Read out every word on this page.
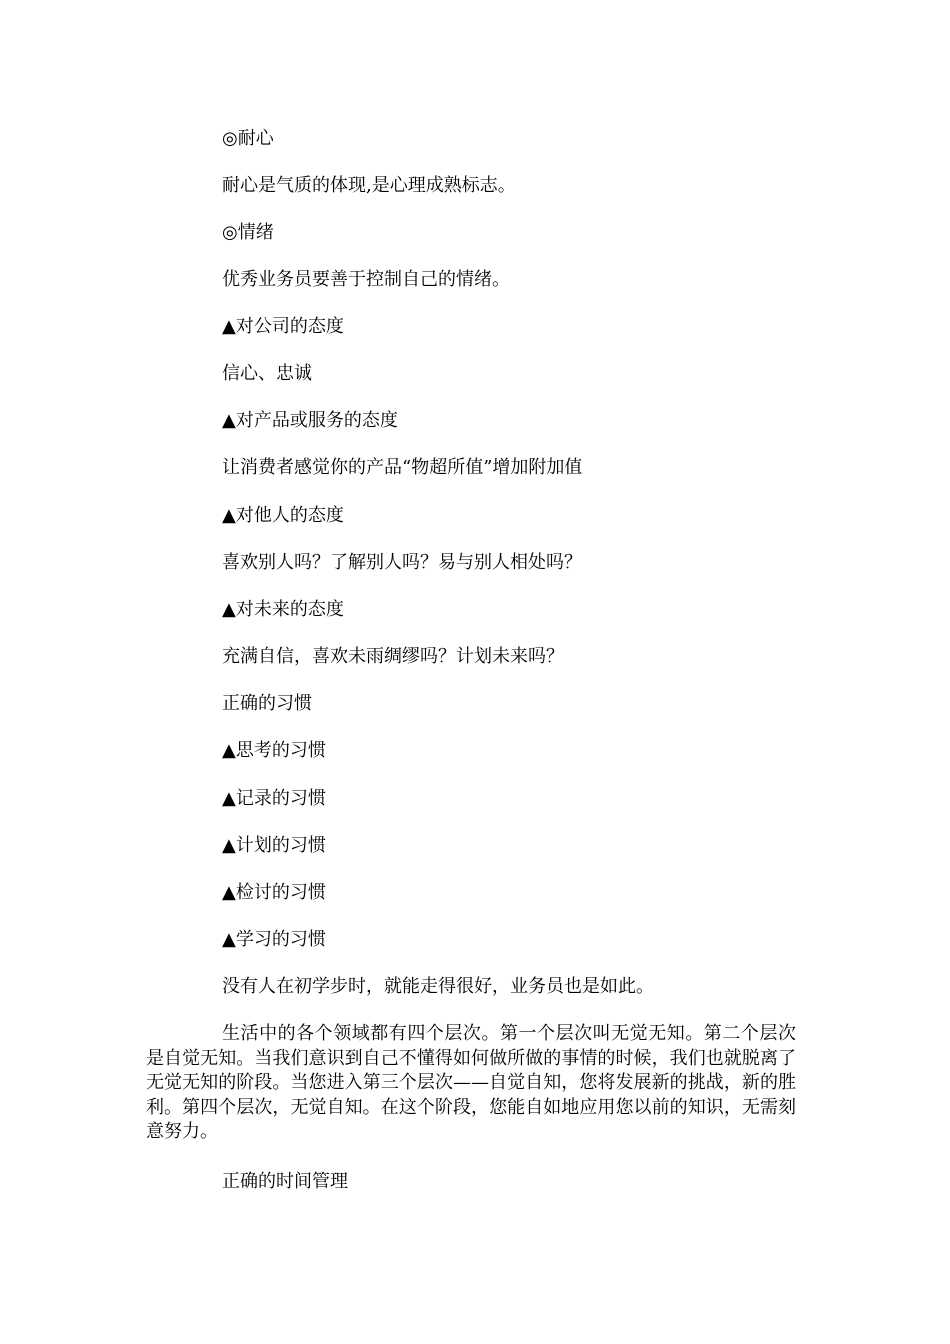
◎耐心
耐心是气质的体现,是心理成熟标志。
◎情绪
优秀业务员要善于控制自己的情绪。
▲对公司的态度
信心、忠诚
▲对产品或服务的态度
让消费者感觉你的产品“物超所值”增加附加值
▲对他人的态度
喜欢别人吗？了解别人吗？易与别人相处吗？
▲对未来的态度
充满自信，喜欢未雨绸缪吗？计划未来吗？
正确的习惯
▲思考的习惯
▲记录的习惯
▲计划的习惯
▲检讨的习惯
▲学习的习惯
没有人在初学步时，就能走得很好，业务员也是如此。
生活中的各个领域都有四个层次。第一个层次叫无觉无知。第二个层次是自觉无知。当我们意识到自己不懂得如何做所做的事情的时候，我们也就脱离了无觉无知的阶段。当您进入第三个层次——自觉自知，您将发展新的挑战，新的胜利。第四个层次，无觉自知。在这个阶段，您能自如地应用您以前的知识，无需刻意努力。
正确的时间管理
